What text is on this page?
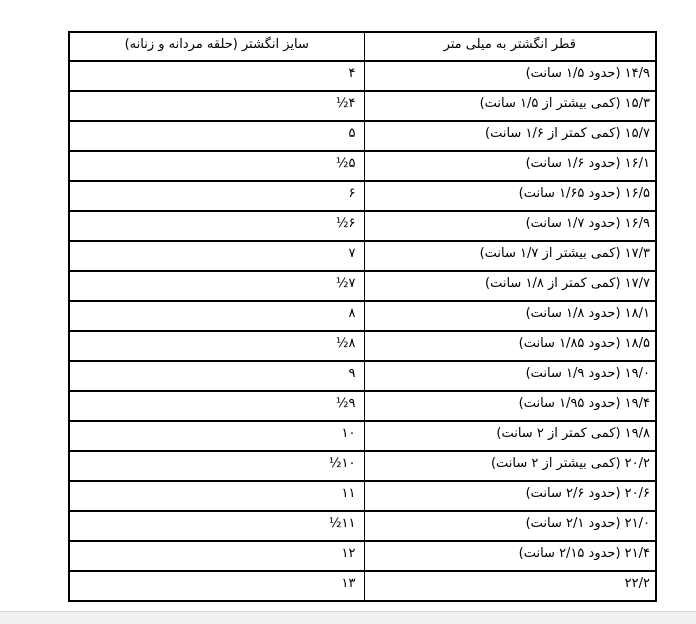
قطر انگشتر به میلی متر	سایز انگشتر (حلقه مردانه و زنانه)
۱۴/۹ (حدود ۱/۵ سانت)	۴
۱۵/۳ (کمی بیشتر از ۱/۵ سانت)	۴½
۱۵/۷ (کمی کمتر از ۱/۶ سانت)	۵
۱۶/۱ (حدود ۱/۶ سانت)	۵½
۱۶/۵ (حدود ۱/۶۵ سانت)	۶
۱۶/۹ (حدود ۱/۷ سانت)	۶½
۱۷/۳ (کمی بیشتر از ۱/۷ سانت)	۷
۱۷/۷ (کمی کمتر از ۱/۸ سانت)	۷½
۱۸/۱ (حدود ۱/۸ سانت)	۸
۱۸/۵ (حدود ۱/۸۵ سانت)	۸½
۱۹/۰ (حدود ۱/۹ سانت)	۹
۱۹/۴ (حدود ۱/۹۵ سانت)	۹½
۱۹/۸ (کمی کمتر از ۲ سانت)	۱۰
۲۰/۲ (کمی بیشتر از ۲ سانت)	۱۰½
۲۰/۶ (حدود ۲/۶ سانت)	۱۱
۲۱/۰ (حدود ۲/۱ سانت)	۱۱½
۲۱/۴ (حدود ۲/۱۵ سانت)	۱۲
۲۲/۲	۱۳
